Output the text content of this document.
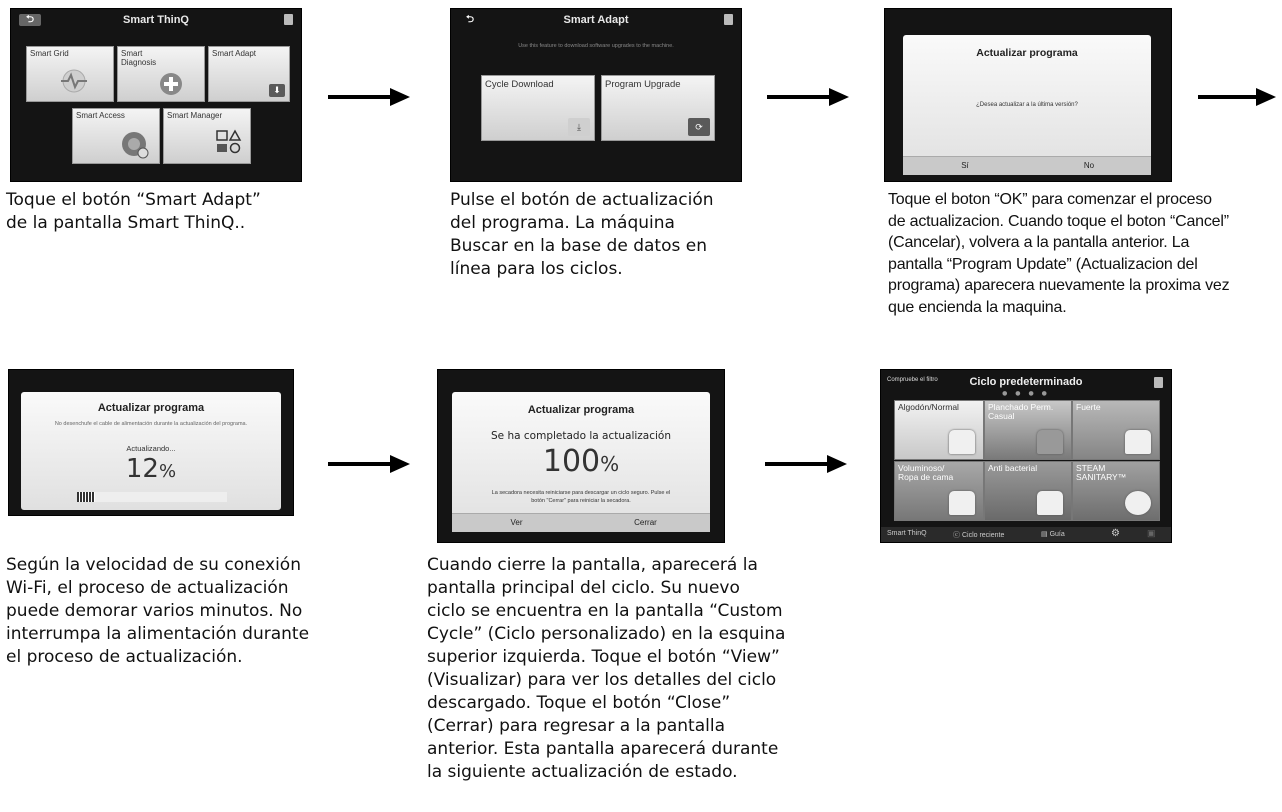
⮌	Smart ThinQ
Smart Grid	Smart
Diagnosis
Smart Adapt
⬇
Smart Access	Smart Manager
Toque el botón “Smart Adapt”
de la pantalla Smart ThinQ..
⮌	Smart Adapt
Use this feature to download software upgrades to the machine.
Cycle Download
⤓
Program Upgrade
⟳
Pulse el botón de actualización
del programa. La máquina
Buscar en la base de datos en
línea para los ciclos.
Actualizar programa
¿Desea actualizar a la última versión?
Sí	No
Toque el boton “OK” para comenzar el proceso
de actualizacion. Cuando toque el boton “Cancel”
(Cancelar), volvera a la pantalla anterior. La
pantalla “Program Update” (Actualizacion del
programa) aparecera nuevamente la proxima vez
que encienda la maquina.
Actualizar programa
No desenchufe el cable de alimentación durante la actualización del programa.
Actualizando...
12%
Según la velocidad de su conexión
Wi-Fi, el proceso de actualización
puede demorar varios minutos. No
interrumpa la alimentación durante
el proceso de actualización.
Actualizar programa
Se ha completado la actualización
100%
La secadora necesita reiniciarse para descargar un ciclo seguro. Pulse el botón "Cerrar" para reiniciar la secadora.
Ver	Cerrar
Cuando cierre la pantalla, aparecerá la
pantalla principal del ciclo. Su nuevo
ciclo se encuentra en la pantalla “Custom
Cycle” (Ciclo personalizado) en la esquina
superior izquierda. Toque el botón “View”
(Visualizar) para ver los detalles del ciclo
descargado. Toque el botón “Close”
(Cerrar) para regresar a la pantalla
anterior. Esta pantalla aparecerá durante
la siguiente actualización de estado.
Compruebe el filtro	Ciclo predeterminado
● ● ● ●
Algodón/Normal	Planchado Perm.
Casual
Fuerte
Voluminoso/
Ropa de cama
Anti bacterial	STEAM
SANITARY™
Smart ThinQ	ⓒ Ciclo reciente	▤ Guía	⚙	▣
